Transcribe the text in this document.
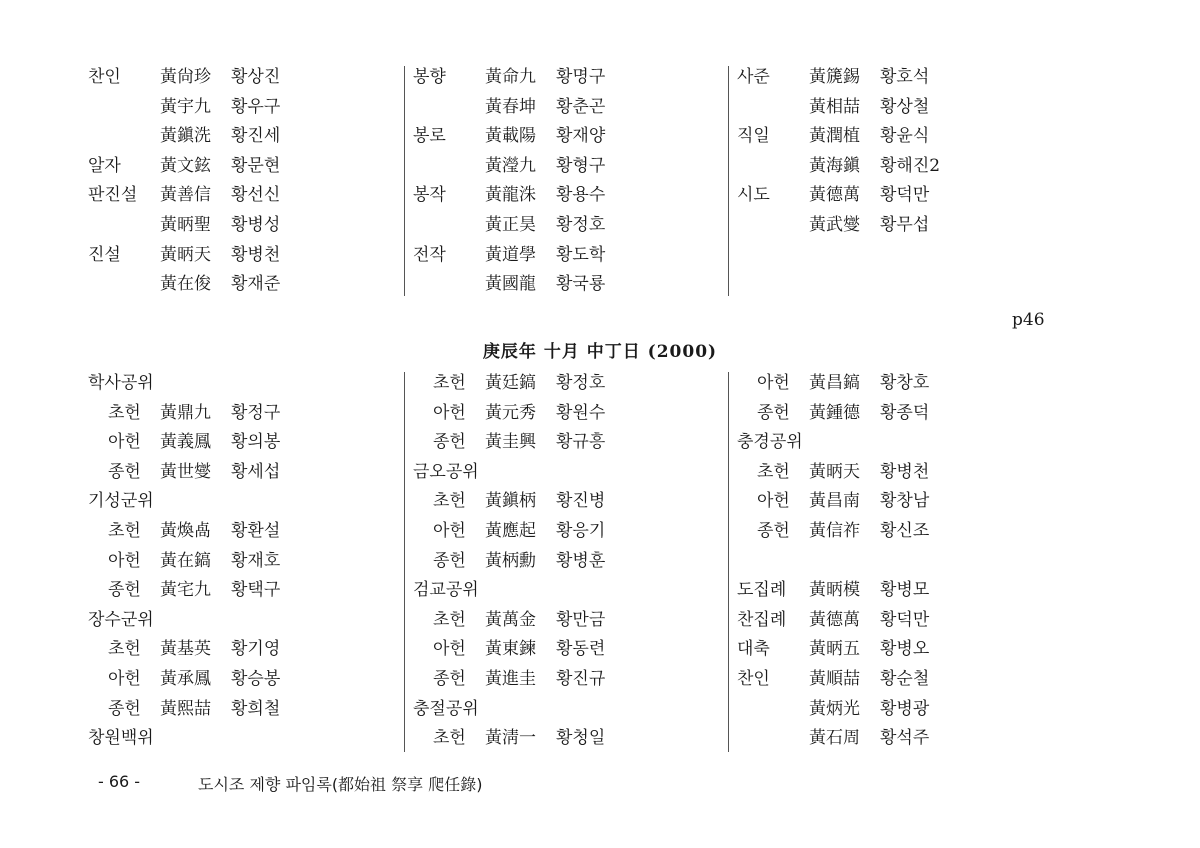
찬인 黃尙珍 황상진
黃宇九 황우구
黃鎭洗 황진세
알자 黃文鉉 황문현
판진설 黃善信 황선신
黃昞聖 황병성
진설 黃昞天 황병천
黃在俊 황재준
봉향 黃命九 황명구
黃春坤 황춘곤
봉로 黃載陽 황재양
黃瀅九 황형구
봉작 黃龍洙 황용수
黃正昊 황정호
전작 黃道學 황도학
黃國龍 황국룡
사준 黃篪錫 황호석
黃相喆 황상철
직일 黃潤植 황윤식
黃海鎭 황해진2
시도 黃德萬 황덕만
黃武燮 황무섭
p46
庚辰年 十月 中丁日 (2000)
학사공위
초헌 黃鼎九 황정구
아헌 黃義鳳 황의봉
종헌 黃世燮 황세섭
기성군위
초헌 黃煥卨 황환설
아헌 黃在鎬 황재호
종헌 黃宅九 황택구
장수군위
초헌 黃基英 황기영
아헌 黃承鳳 황승봉
종헌 黃熙喆 황희철
창원백위
초헌 黃廷鎬 황정호
아헌 黃元秀 황원수
종헌 黃圭興 황규흥
금오공위
초헌 黃鎭柄 황진병
아헌 黃應起 황응기
종헌 黃柄勳 황병훈
검교공위
초헌 黃萬金 황만금
아헌 黃東鍊 황동련
종헌 黃進圭 황진규
충절공위
초헌 黃淸一 황청일
아헌 黃昌鎬 황창호
종헌 黃鍾德 황종덕
충경공위
초헌 黃昞天 황병천
아헌 黃昌南 황창남
종헌 黃信祚 황신조
도집례 黃昞模 황병모
찬집례 黃德萬 황덕만
대축 黃昞五 황병오
찬인 黃順喆 황순철
黃炳光 황병광
黃石周 황석주
- 66 -	도시조 제향 파임록(都始祖 祭享 爬任錄)
